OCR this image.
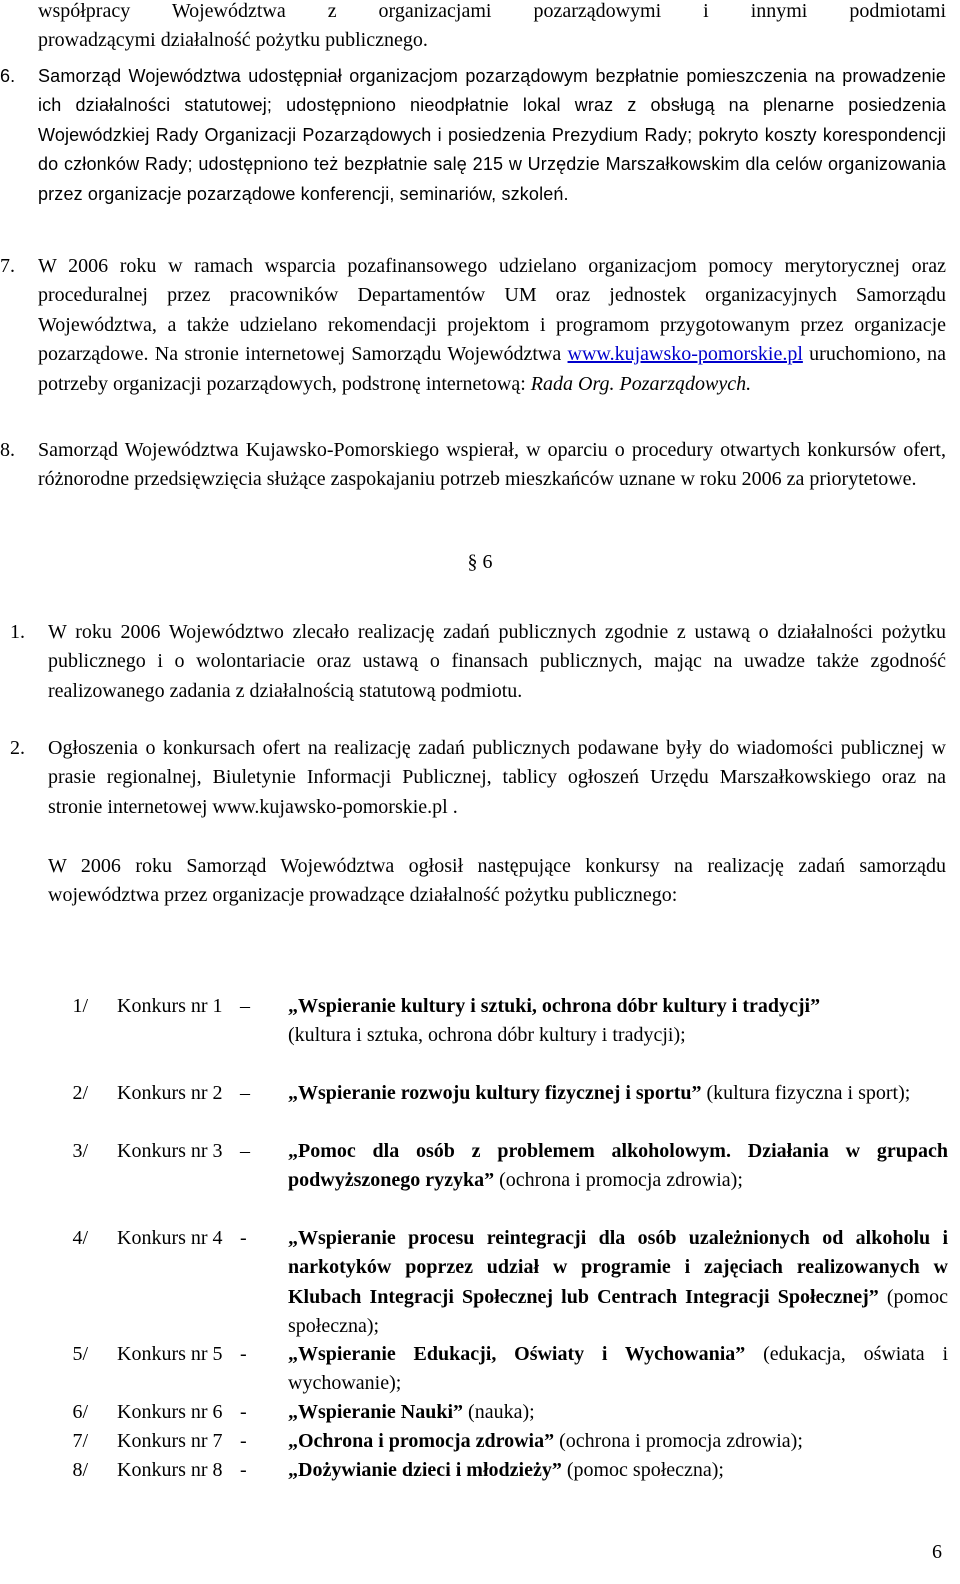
współpracy Województwa z organizacjami pozarządowymi i innymi podmiotami
prowadzącymi działalność pożytku publicznego.
6. Samorząd Województwa udostępniał organizacjom pozarządowym bezpłatnie pomieszczenia na prowadzenie ich działalności statutowej; udostępniono nieodpłatnie lokal wraz z obsługą na plenarne posiedzenia Wojewódzkiej Rady Organizacji Pozarządowych i posiedzenia Prezydium Rady; pokryto koszty korespondencji do członków Rady; udostępniono też bezpłatnie salę 215 w Urzędzie Marszałkowskim dla celów organizowania przez organizacje pozarządowe konferencji, seminariów, szkoleń.
7. W 2006 roku w ramach wsparcia pozafinansowego udzielano organizacjom pomocy merytorycznej oraz proceduralnej przez pracowników Departamentów UM oraz jednostek organizacyjnych Samorządu Województwa, a także udzielano rekomendacji projektom i programom przygotowanym przez organizacje pozarządowe. Na stronie internetowej Samorządu Województwa www.kujawsko-pomorskie.pl uruchomiono, na potrzeby organizacji pozarządowych, podstronę internetową: Rada Org. Pozarządowych.
8. Samorząd Województwa Kujawsko-Pomorskiego wspierał, w oparciu o procedury otwartych konkursów ofert, różnorodne przedsięwzięcia służące zaspokajaniu potrzeb mieszkańców uznane w roku 2006 za priorytetowe.
§ 6
1. W roku 2006 Województwo zlecało realizację zadań publicznych zgodnie z ustawą o działalności pożytku publicznego i o wolontariacie oraz ustawą o finansach publicznych, mając na uwadze także zgodność realizowanego zadania z działalnością statutową podmiotu.
2. Ogłoszenia o konkursach ofert na realizację zadań publicznych podawane były do wiadomości publicznej w prasie regionalnej, Biuletynie Informacji Publicznej, tablicy ogłoszeń Urzędu Marszałkowskiego oraz na stronie internetowej www.kujawsko-pomorskie.pl .
W 2006 roku Samorząd Województwa ogłosił następujące konkursy na realizację zadań samorządu województwa przez organizacje prowadzące działalność pożytku publicznego:
1/ Konkurs nr 1 – „Wspieranie kultury i sztuki, ochrona dóbr kultury i tradycji”
(kultura i sztuka, ochrona dóbr kultury i tradycji);
2/ Konkurs nr 2 – „Wspieranie rozwoju kultury fizycznej i sportu” (kultura fizyczna i sport);
3/ Konkurs nr 3 – „Pomoc dla osób z problemem alkoholowym. Działania w grupach podwyższonego ryzyka” (ochrona i promocja zdrowia);
4/ Konkurs nr 4 - „Wspieranie procesu reintegracji dla osób uzależnionych od alkoholu i narkotyków poprzez udział w programie i zajęciach realizowanych w Klubach Integracji Społecznej lub Centrach Integracji Społecznej” (pomoc społeczna);
5/ Konkurs nr 5 - „Wspieranie Edukacji, Oświaty i Wychowania” (edukacja, oświata i wychowanie);
6/ Konkurs nr 6 - „Wspieranie Nauki” (nauka);
7/ Konkurs nr 7 - „Ochrona i promocja zdrowia” (ochrona i promocja zdrowia);
8/ Konkurs nr 8 - „Dożywianie dzieci i młodzieży” (pomoc społeczna);
6
